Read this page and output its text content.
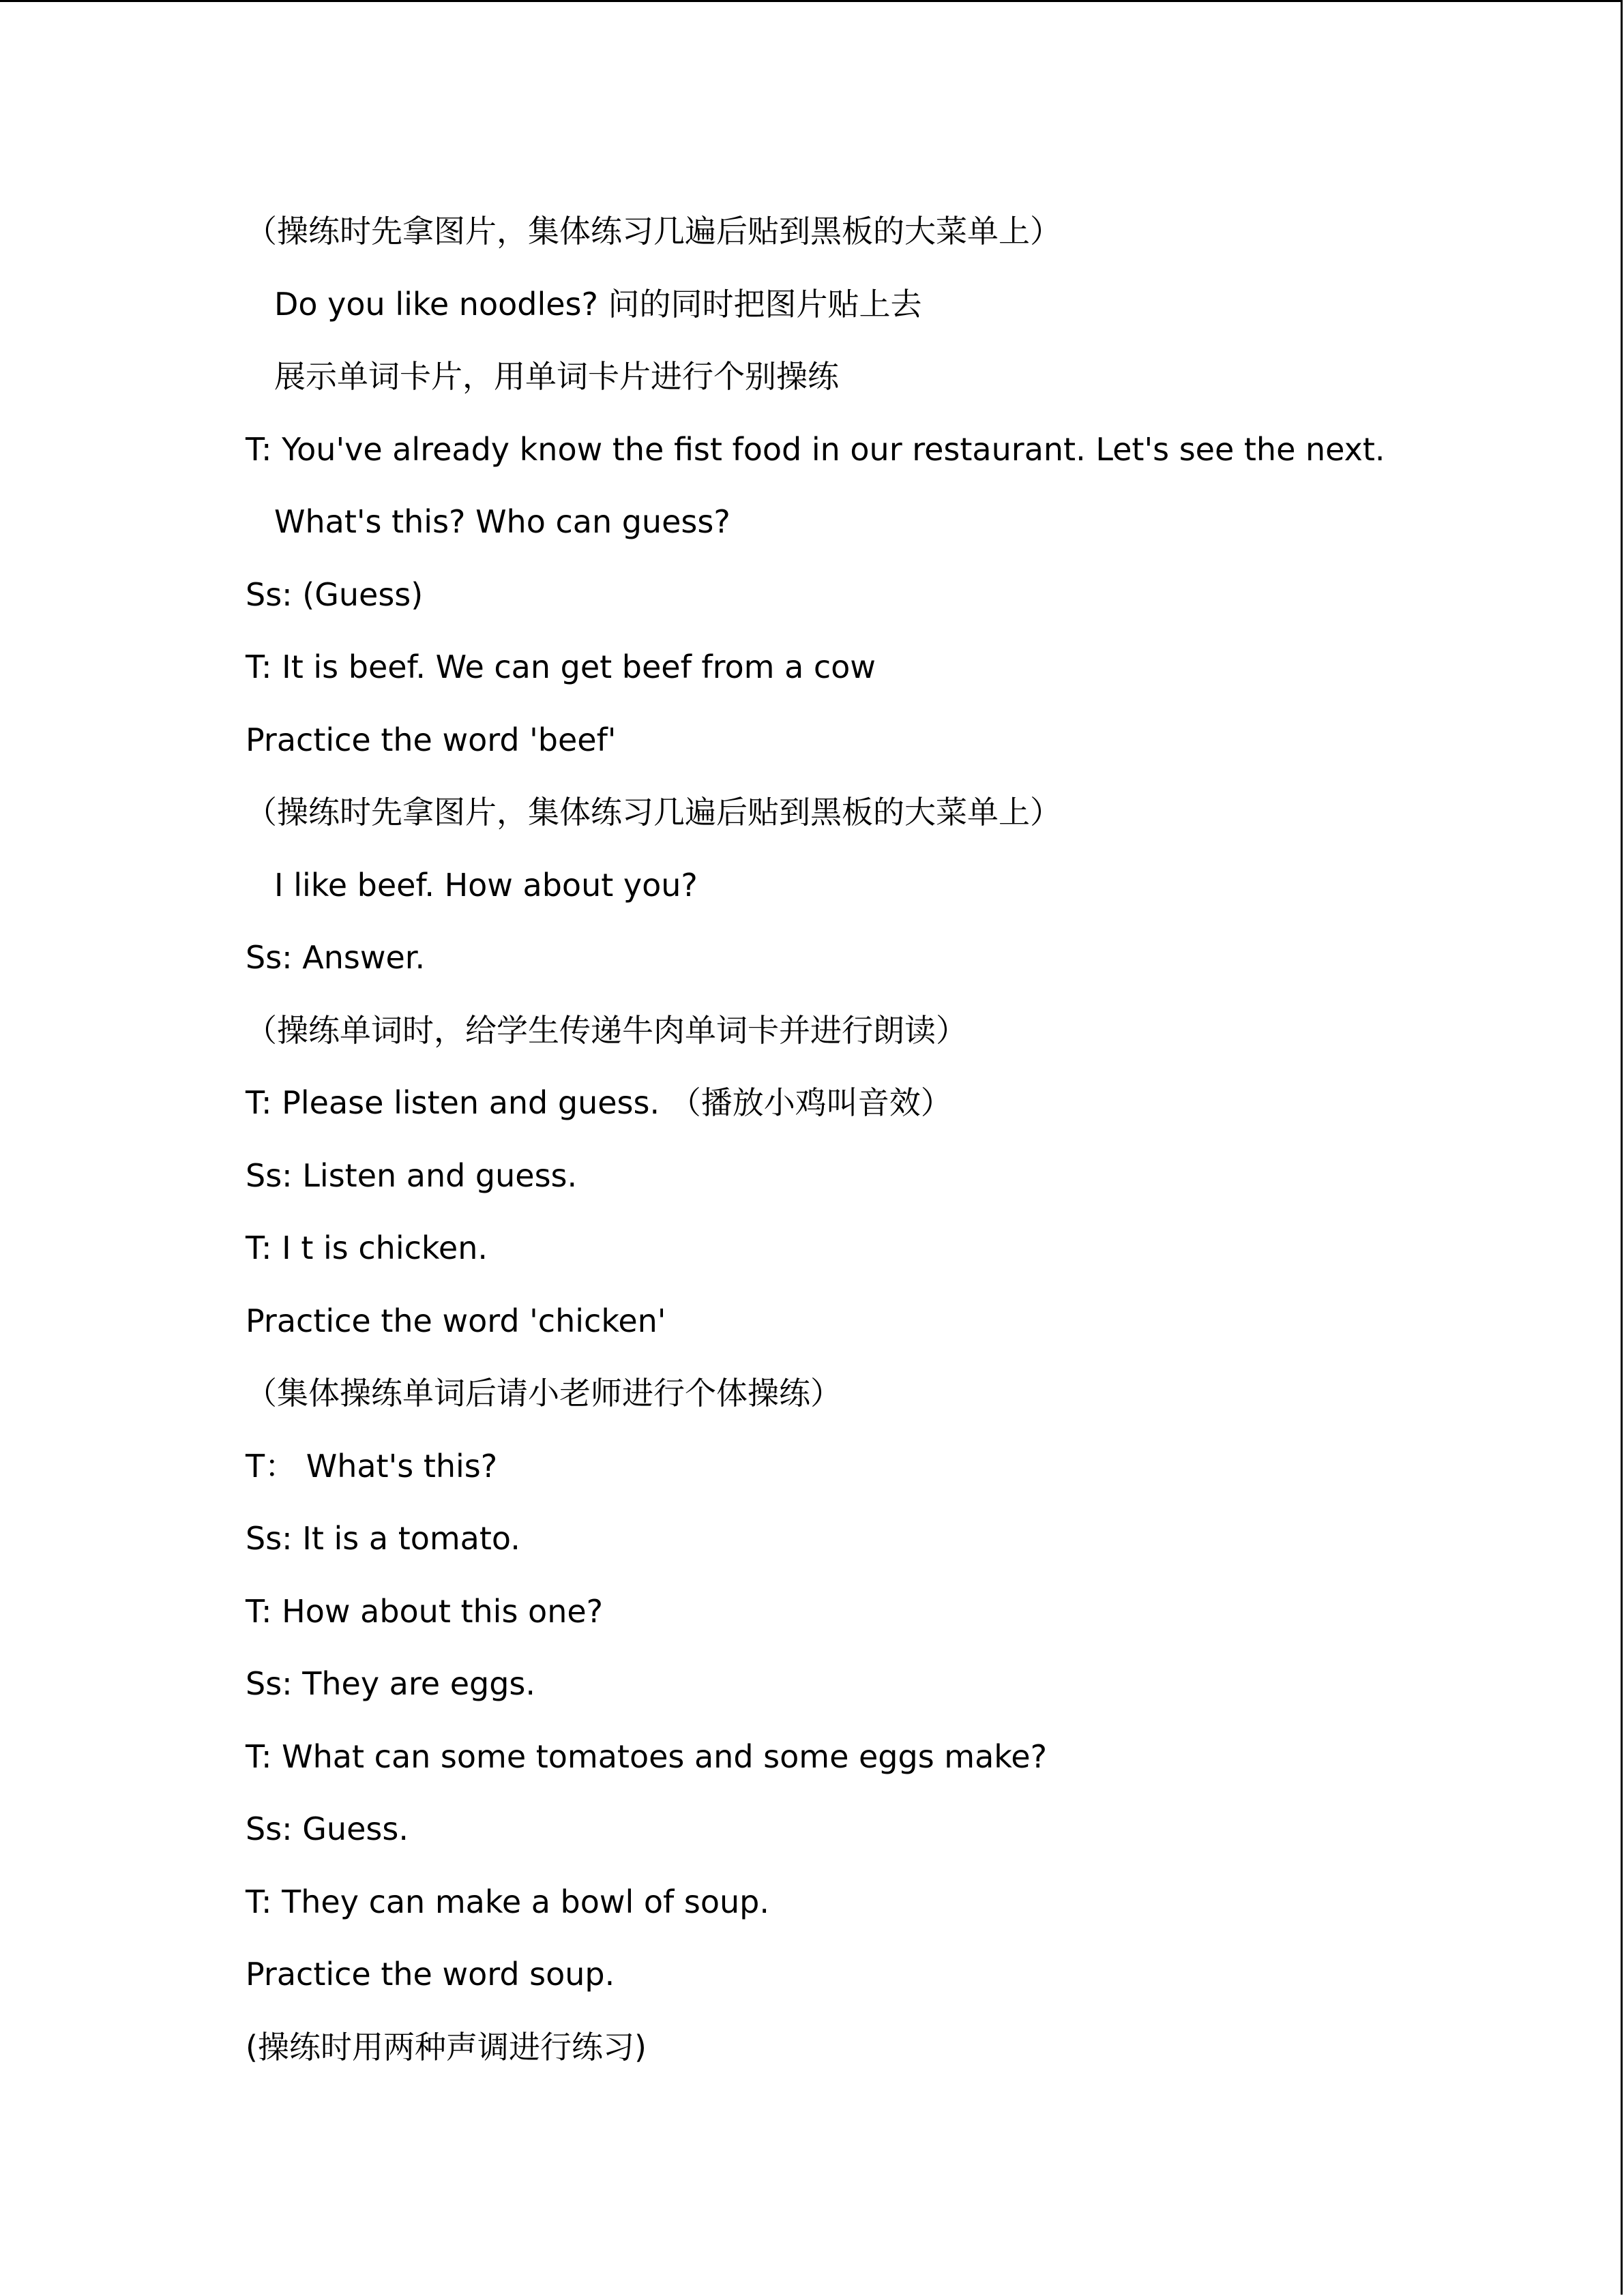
（操练时先拿图片，集体练习几遍后贴到黑板的大菜单上）
Do you like noodles? 问的同时把图片贴上去
展示单词卡片，用单词卡片进行个别操练
T: You've already know the fist food in our restaurant. Let's see the next.
What's this? Who can guess?
Ss: (Guess)
T: It is beef. We can get beef from a cow
Practice the word 'beef'
（操练时先拿图片，集体练习几遍后贴到黑板的大菜单上）
I like beef. How about you?
Ss: Answer.
（操练单词时，给学生传递牛肉单词卡并进行朗读）
T: Please listen and guess. （播放小鸡叫音效）
Ss: Listen and guess.
T: I t is chicken.
Practice the word 'chicken'
（集体操练单词后请小老师进行个体操练）
T： What's this?
Ss: It is a tomato.
T: How about this one?
Ss: They are eggs.
T: What can some tomatoes and some eggs make?
Ss: Guess.
T: They can make a bowl of soup.
Practice the word soup.
(操练时用两种声调进行练习)
